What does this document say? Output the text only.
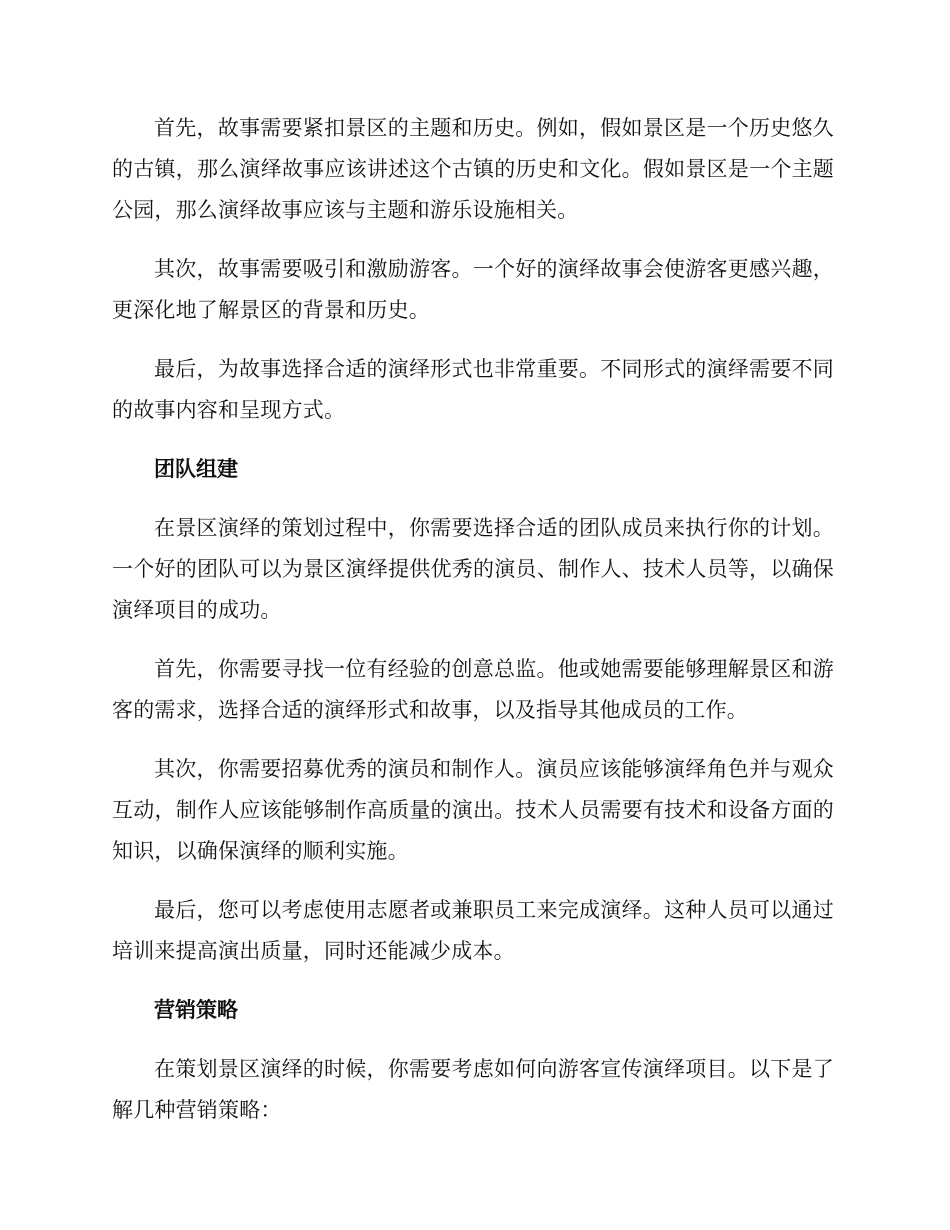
首先，故事需要紧扣景区的主题和历史。例如，假如景区是一个历史悠久的古镇，那么演绎故事应该讲述这个古镇的历史和文化。假如景区是一个主题公园，那么演绎故事应该与主题和游乐设施相关。

其次，故事需要吸引和激励游客。一个好的演绎故事会使游客更感兴趣，更深化地了解景区的背景和历史。

最后，为故事选择合适的演绎形式也非常重要。不同形式的演绎需要不同的故事内容和呈现方式。

团队组建

在景区演绎的策划过程中，你需要选择合适的团队成员来执行你的计划。一个好的团队可以为景区演绎提供优秀的演员、制作人、技术人员等，以确保演绎项目的成功。

首先，你需要寻找一位有经验的创意总监。他或她需要能够理解景区和游客的需求，选择合适的演绎形式和故事，以及指导其他成员的工作。

其次，你需要招募优秀的演员和制作人。演员应该能够演绎角色并与观众互动，制作人应该能够制作高质量的演出。技术人员需要有技术和设备方面的知识，以确保演绎的顺利实施。

最后，您可以考虑使用志愿者或兼职员工来完成演绎。这种人员可以通过培训来提高演出质量，同时还能减少成本。

营销策略

在策划景区演绎的时候，你需要考虑如何向游客宣传演绎项目。以下是了解几种营销策略：
